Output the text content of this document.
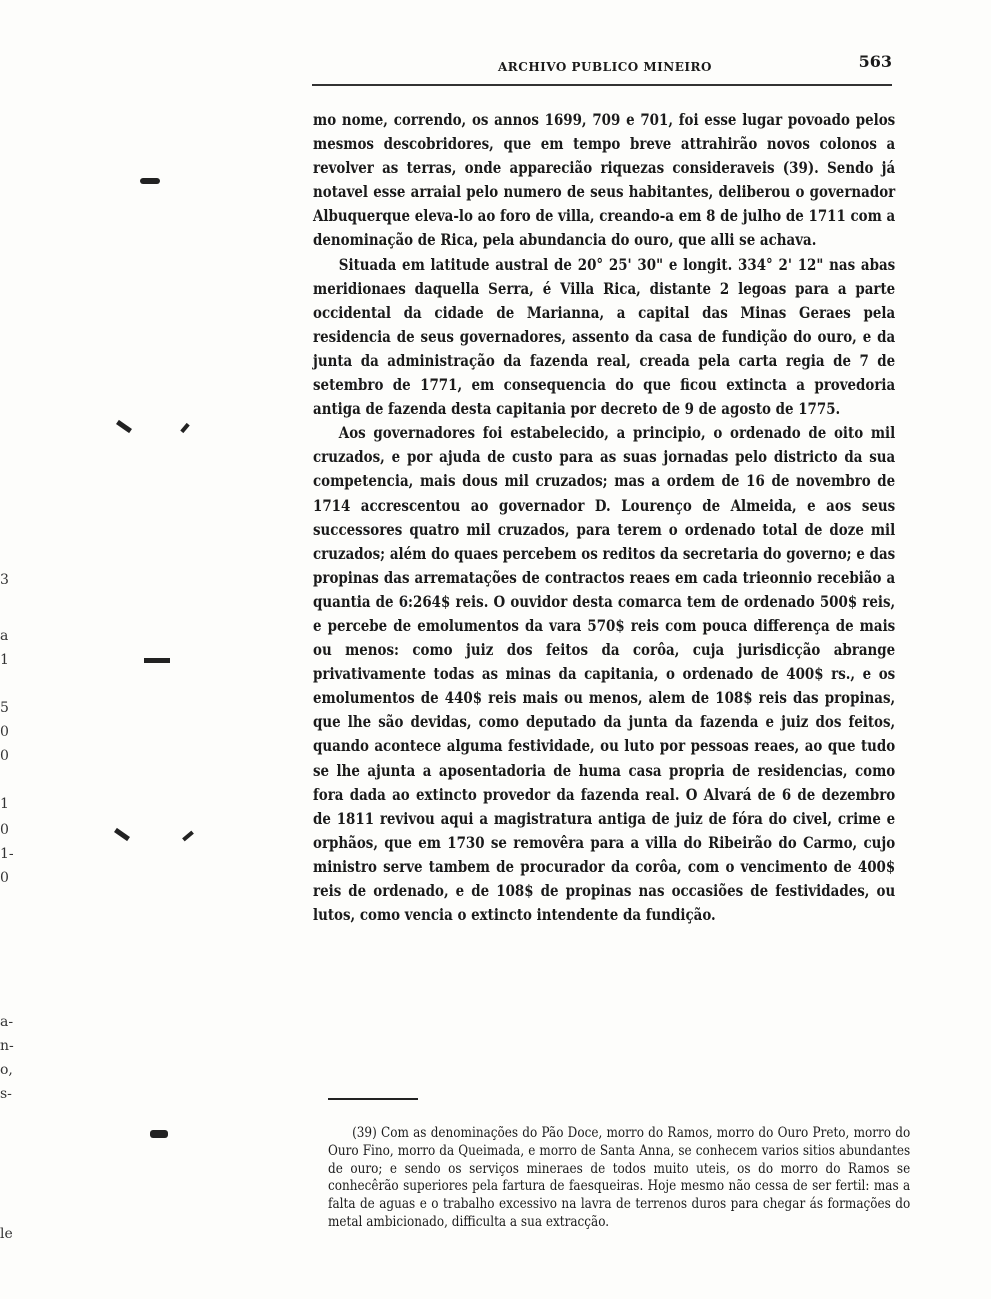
ARCHIVO PUBLICO MINEIRO	563

mo nome, correndo, os annos 1699, 709 e 701, foi esse lugar povoado pelos mesmos descobridores, que em tempo breve attrahirão novos colonos a revolver as terras, onde apparecião riquezas consideraveis (39). Sendo já notavel esse arraial pelo numero de seus habitantes, deliberou o governador Albuquerque eleva-lo ao foro de villa, creando-a em 8 de julho de 1711 com a denominação de Rica, pela abundancia do ouro, que alli se achava.

Situada em latitude austral de 20° 25' 30" e longit. 334° 2' 12" nas abas meridionaes daquella Serra, é Villa Rica, distante 2 legoas para a parte occidental da cidade de Marianna, a capital das Minas Geraes pela residencia de seus governadores, assento da casa de fundição do ouro, e da junta da administração da fazenda real, creada pela carta regia de 7 de setembro de 1771, em consequencia do que ficou extincta a provedoria antiga de fazenda desta capitania por decreto de 9 de agosto de 1775.

Aos governadores foi estabelecido, a principio, o ordenado de oito mil cruzados, e por ajuda de custo para as suas jornadas pelo districto da sua competencia, mais dous mil cruzados; mas a ordem de 16 de novembro de 1714 accrescentou ao governador D. Lourenço de Almeida, e aos seus successores quatro mil cruzados, para terem o ordenado total de doze mil cruzados; além do quaes percebem os reditos da secretaria do governo; e das propinas das arrematações de contractos reaes em cada trieonnio recebião a quantia de 6:264$ reis. O ouvidor desta comarca tem de ordenado 500$ reis, e percebe de emolumentos da vara 570$ reis com pouca differença de mais ou menos: como juiz dos feitos da corôa, cuja jurisdicção abrange privativamente todas as minas da capitania, o ordenado de 400$ rs., e os emolumentos de 440$ reis mais ou menos, alem de 108$ reis das propinas, que lhe são devidas, como deputado da junta da fazenda e juiz dos feitos, quando acontece alguma festividade, ou luto por pessoas reaes, ao que tudo se lhe ajunta a aposentadoria de huma casa propria de residencias, como fora dada ao extincto provedor da fazenda real. O Alvará de 6 de dezembro de 1811 revivou aqui a magistratura antiga de juiz de fóra do civel, crime e orphãos, que em 1730 se removêra para a villa do Ribeirão do Carmo, cujo ministro serve tambem de procurador da corôa, com o vencimento de 400$ reis de ordenado, e de 108$ de propinas nas occasiões de festividades, ou lutos, como vencia o extincto intendente da fundição.

(39) Com as denominações do Pão Doce, morro do Ramos, morro do Ouro Preto, morro do Ouro Fino, morro da Queimada, e morro de Santa Anna, se conhecem varios sitios abundantes de ouro; e sendo os serviços mineraes de todos muito uteis, os do morro do Ramos se conhecêrão superiores pela fartura de faesqueiras. Hoje mesmo não cessa de ser fertil: mas a falta de aguas e o trabalho excessivo na lavra de terrenos duros para chegar ás formações do metal ambicionado, difficulta a sua extracção.

3
a
1
5
0
0
1
0
1-
0
a-
n-
o,
s-
le
